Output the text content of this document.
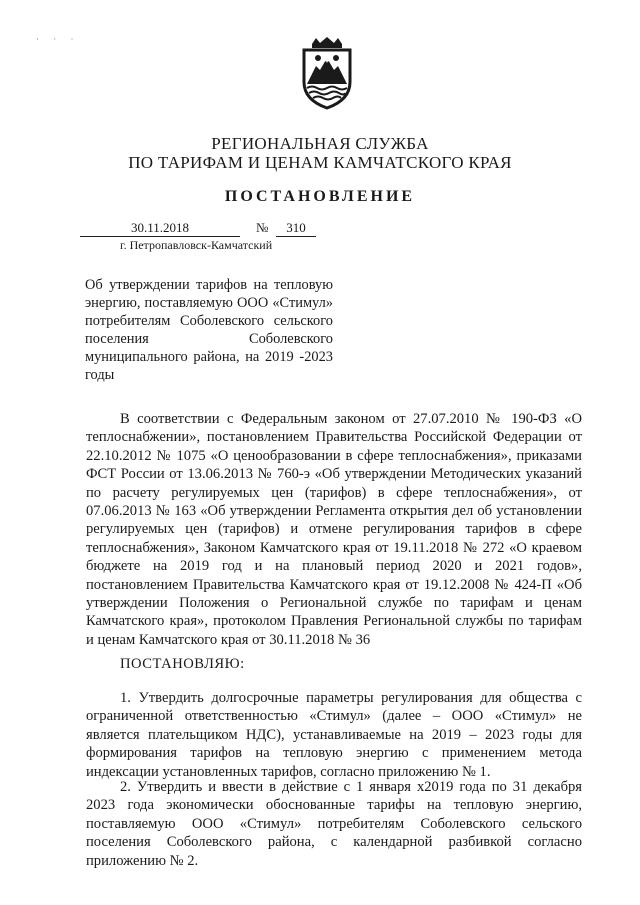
· · ·
РЕГИОНАЛЬНАЯ СЛУЖБА
ПО ТАРИФАМ И ЦЕНАМ КАМЧАТСКОГО КРАЯ
ПОСТАНОВЛЕНИЕ
30.11.2018	№	310
г. Петропавловск-Камчатский
Об утверждении тарифов на тепловую энергию, поставляемую ООО «Стимул» потребителям Соболевского сельского поселения Соболевского муниципального района, на 2019 -2023 годы

В соответствии с Федеральным законом от 27.07.2010 № 190-ФЗ «О теплоснабжении», постановлением Правительства Российской Федерации от 22.10.2012 № 1075 «О ценообразовании в сфере теплоснабжения», приказами ФСТ России от 13.06.2013 № 760-э «Об утверждении Методических указаний по расчету регулируемых цен (тарифов) в сфере теплоснабжения», от 07.06.2013 № 163 «Об утверждении Регламента открытия дел об установлении регулируемых цен (тарифов) и отмене регулирования тарифов в сфере теплоснабжения», Законом Камчатского края от 19.11.2018 № 272 «О краевом бюджете на 2019 год и на плановый период 2020 и 2021 годов», постановлением Правительства Камчатского края от 19.12.2008 № 424-П «Об утверждении Положения о Региональной службе по тарифам и ценам Камчатского края», протоколом Правления Региональной службы по тарифам и ценам Камчатского края от 30.11.2018 № 36

ПОСТАНОВЛЯЮ:

1. Утвердить долгосрочные параметры регулирования для общества с ограниченной ответственностью «Стимул» (далее – ООО «Стимул» не является плательщиком НДС), устанавливаемые на 2019 – 2023 годы для формирования тарифов на тепловую энергию с применением метода индексации установленных тарифов, согласно приложению № 1.

2. Утвердить и ввести в действие с 1 января х2019 года по 31 декабря 2023 года экономически обоснованные тарифы на тепловую энергию, поставляемую ООО «Стимул» потребителям Соболевского сельского поселения Соболевского района, с календарной разбивкой согласно приложению № 2.
